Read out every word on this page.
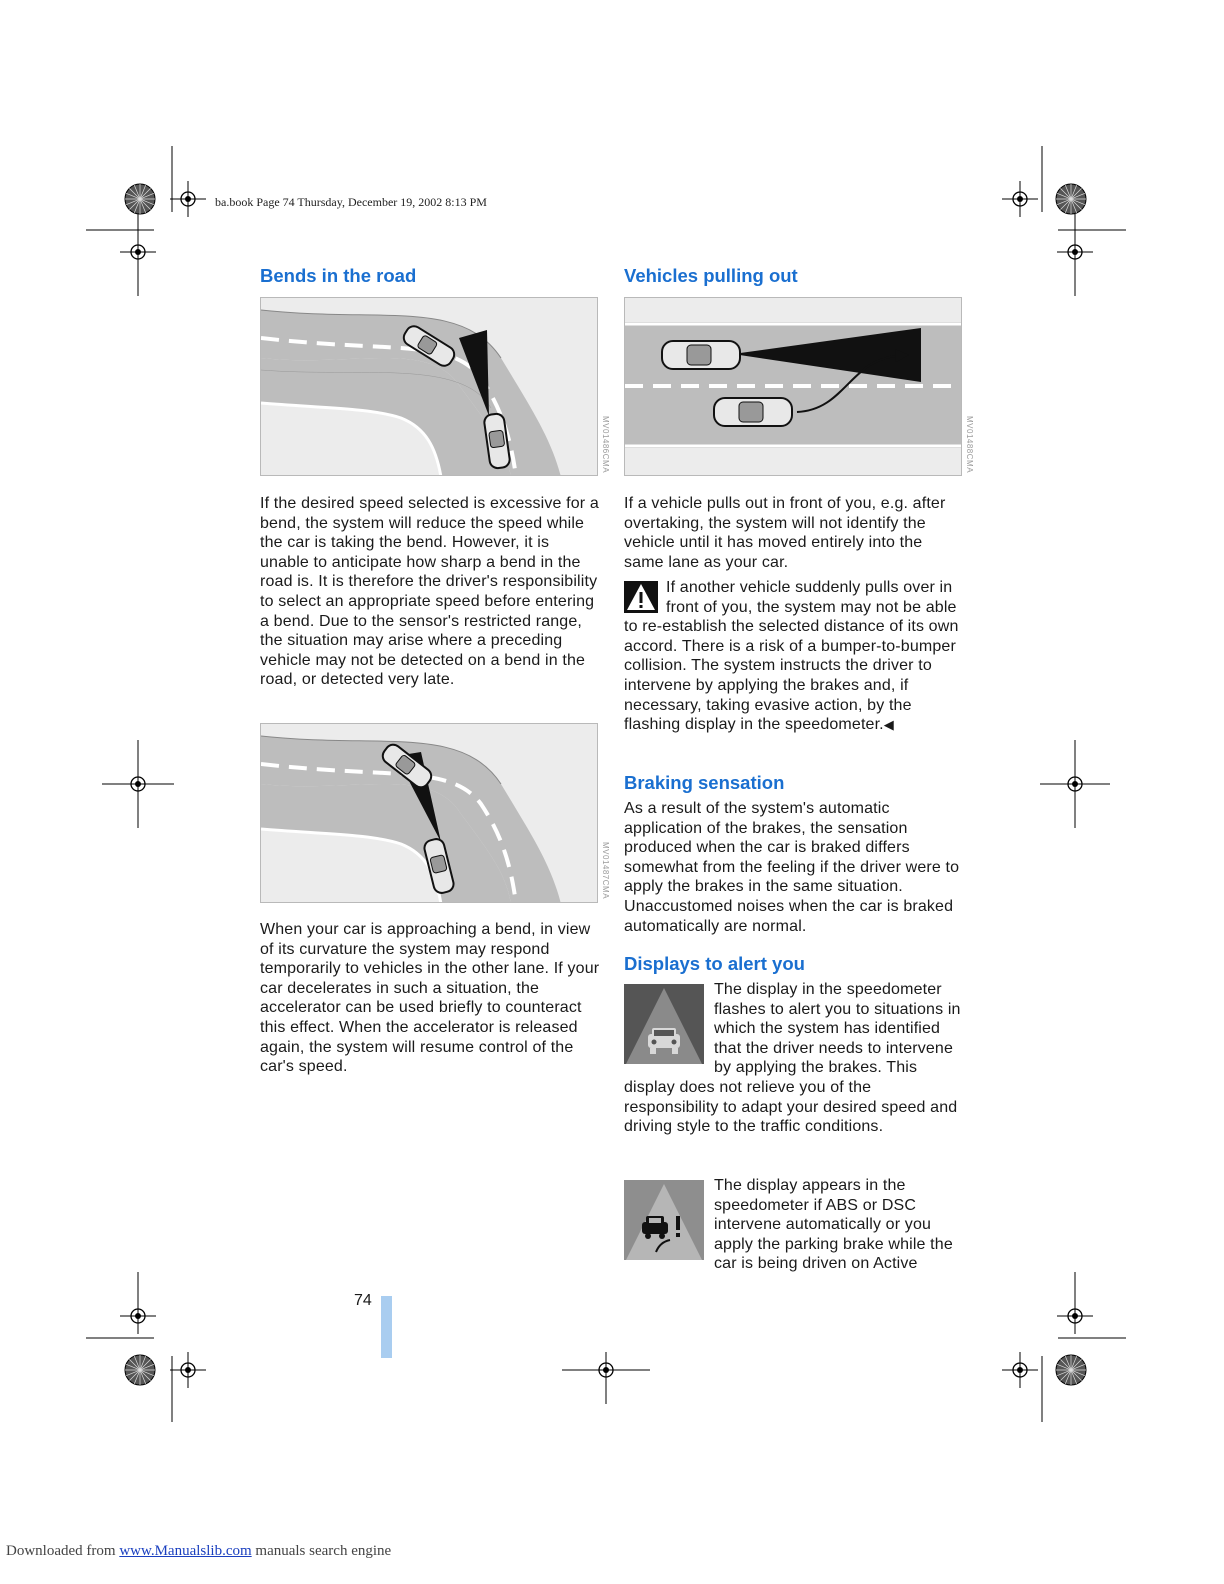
ba.book Page 74 Thursday, December 19, 2002 8:13 PM
Bends in the road
MV01486CMA

If the desired speed selected is excessive for a bend, the system will reduce the speed while the car is taking the bend. However, it is unable to anticipate how sharp a bend in the road is. It is therefore the driver's responsibility to select an appropriate speed before entering a bend. Due to the sensor's restricted range, the situation may arise where a preceding vehicle may not be detected on a bend in the road, or detected very late.

MV01487CMA

When your car is approaching a bend, in view of its curvature the system may respond temporarily to vehicles in the other lane. If your car decelerates in such a situation, the accelerator can be used briefly to counteract this effect. When the accelerator is released again, the system will resume control of the car's speed.

Vehicles pulling out
MV01488CMA

If a vehicle pulls out in front of you, e.g. after overtaking, the system will not identify the vehicle until it has moved entirely into the same lane as your car.

If another vehicle suddenly pulls over in front of you, the system may not be able to re-establish the selected distance of its own accord. There is a risk of a bumper-to-bumper collision. The system instructs the driver to intervene by applying the brakes and, if necessary, taking evasive action, by the flashing display in the speedometer.◀
Braking sensation

As a result of the system's automatic application of the brakes, the sensation produced when the car is braked differs somewhat from the feeling if the driver were to apply the brakes in the same situation. Unaccustomed noises when the car is braked automatically are normal.

Displays to alert you
The display in the speedometer flashes to alert you to situations in which the system has identified that the driver needs to intervene by applying the brakes. This display does not relieve you of the responsibility to adapt your desired speed and driving style to the traffic conditions.
The display appears in the speedometer if ABS or DSC intervene automatically or you apply the parking brake while the car is being driven on Active
74
Downloaded from www.Manualslib.com manuals search engine
